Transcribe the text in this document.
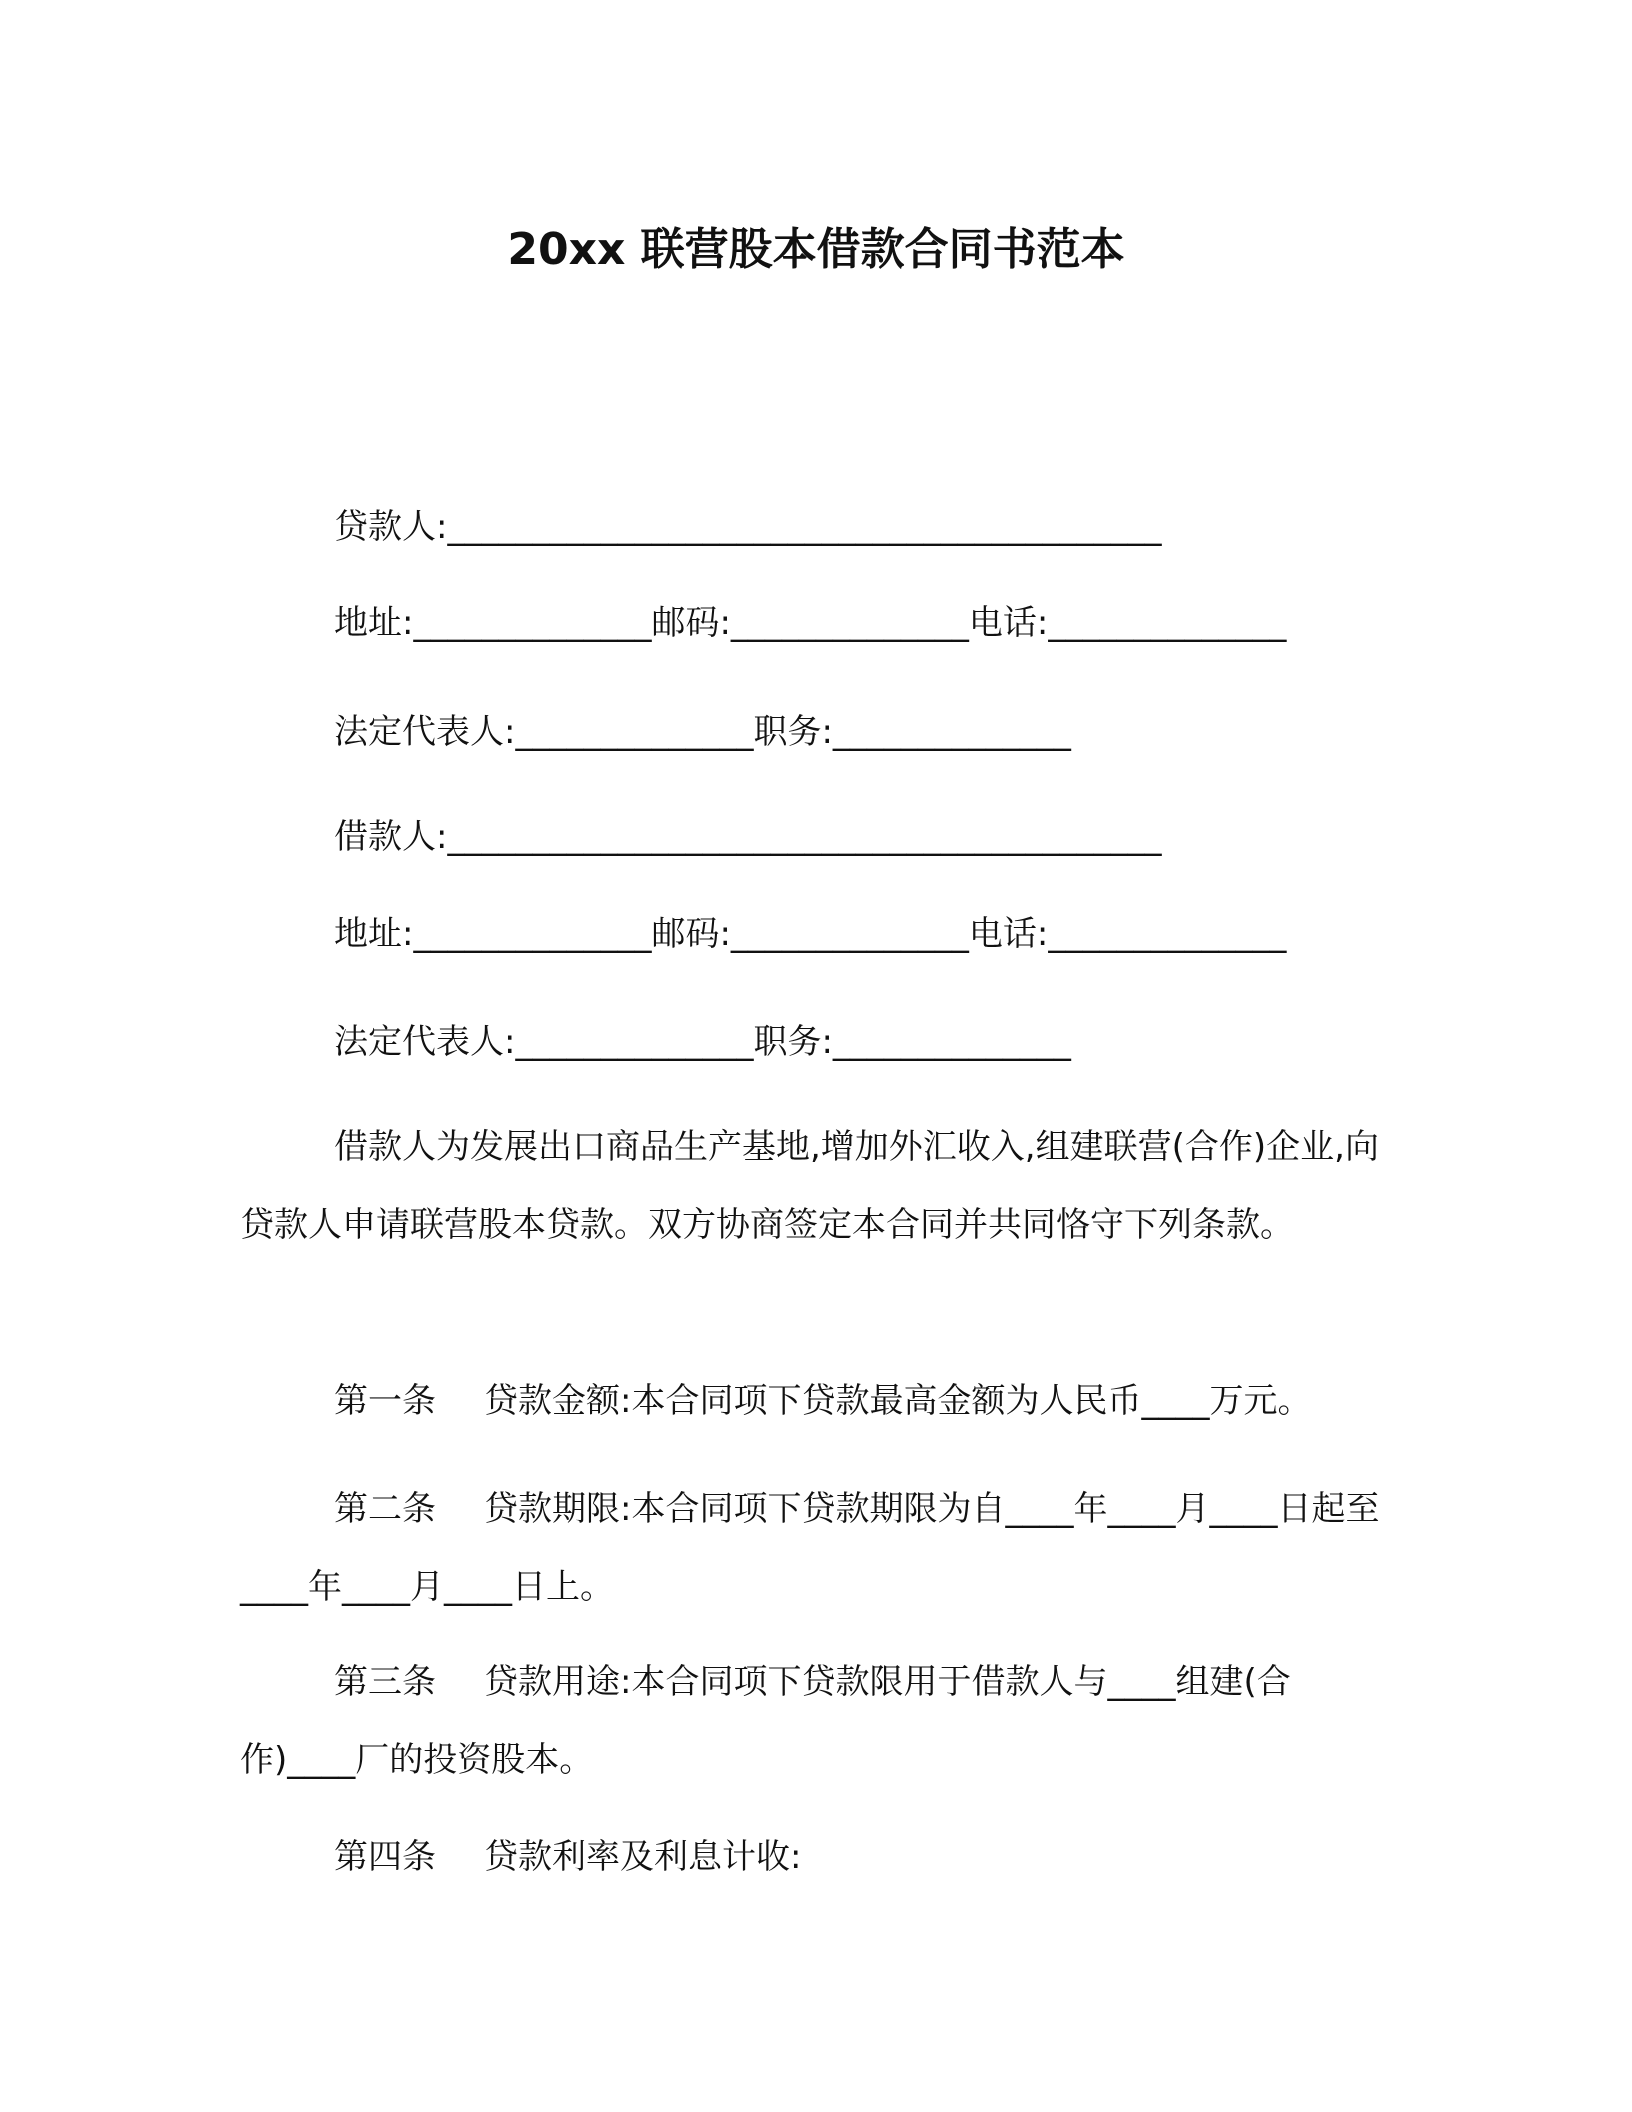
20xx 联营股本借款合同书范本
贷款人:__________________________________________
地址:______________邮码:______________电话:______________
法定代表人:______________职务:______________
借款人:__________________________________________
地址:______________邮码:______________电话:______________
法定代表人:______________职务:______________
借款人为发展出口商品生产基地,增加外汇收入,组建联营(合作)企业,向贷款人申请联营股本贷款。双方协商签定本合同并共同恪守下列条款。
第一条 贷款金额:本合同项下贷款最高金额为人民币____万元。
第二条 贷款期限:本合同项下贷款期限为自____年____月____日起至____年____月____日上。
第三条 贷款用途:本合同项下贷款限用于借款人与____组建(合作)____厂的投资股本。
第四条 贷款利率及利息计收:
